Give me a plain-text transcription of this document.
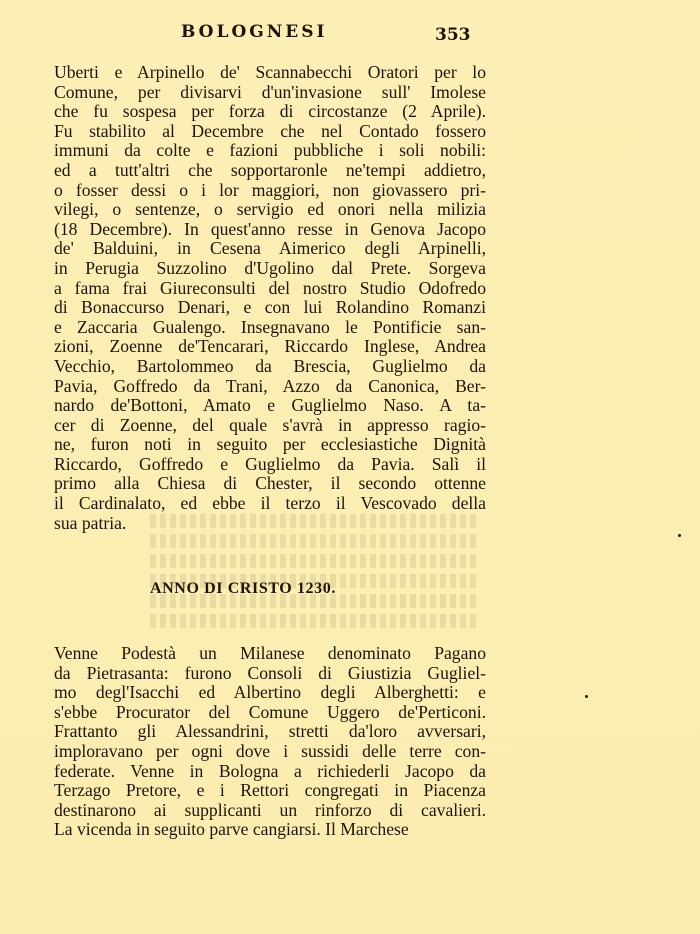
BOLOGNESI	353
Uberti e Arpinello de' Scannabecchi Oratori per lo
Comune, per divisarvi d'un'invasione sull' Imolese
che fu sospesa per forza di circostanze (2 Aprile).
Fu stabilito al Decembre che nel Contado fossero
immuni da colte e fazioni pubbliche i soli nobili:
ed a tutt'altri che sopportaronle ne'tempi addietro,
o fosser dessi o i lor maggiori, non giovassero pri-
vilegi, o sentenze, o servigio ed onori nella milizia
(18 Decembre). In quest'anno resse in Genova Jacopo
de' Balduini, in Cesena Aimerico degli Arpinelli,
in Perugia Suzzolino d'Ugolino dal Prete. Sorgeva
a fama frai Giureconsulti del nostro Studio Odofredo
di Bonaccurso Denari, e con lui Rolandino Romanzi
e Zaccaria Gualengo. Insegnavano le Pontificie san-
zioni, Zoenne de'Tencarari, Riccardo Inglese, Andrea
Vecchio, Bartolommeo da Brescia, Guglielmo da
Pavia, Goffredo da Trani, Azzo da Canonica, Ber-
nardo de'Bottoni, Amato e Guglielmo Naso. A ta-
cer di Zoenne, del quale s'avrà in appresso ragio-
ne, furon noti in seguito per ecclesiastiche Dignità
Riccardo, Goffredo e Guglielmo da Pavia. Salì il
primo alla Chiesa di Chester, il secondo ottenne
il Cardinalato, ed ebbe il terzo il Vescovado della
sua patria.
ANNO DI CRISTO 1230.
Venne Podestà un Milanese denominato Pagano
da Pietrasanta: furono Consoli di Giustizia Gugliel-
mo degl'Isacchi ed Albertino degli Alberghetti: e
s'ebbe Procurator del Comune Uggero de'Perticoni.
Frattanto gli Alessandrini, stretti da'loro avversari,
imploravano per ogni dove i sussidi delle terre con-
federate. Venne in Bologna a richiederli Jacopo da
Terzago Pretore, e i Rettori congregati in Piacenza
destinarono ai supplicanti un rinforzo di cavalieri.
La vicenda in seguito parve cangiarsi. Il Marchese
